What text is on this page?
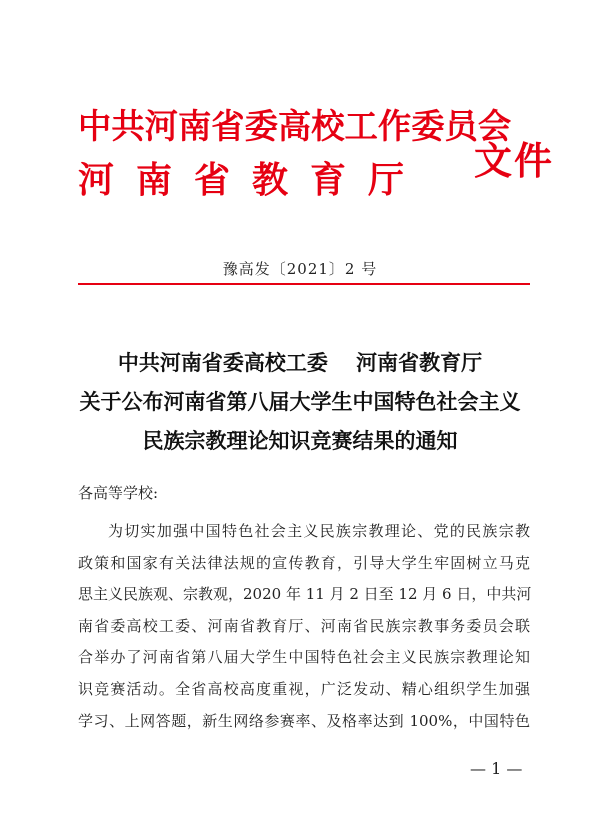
中共河南省委高校工作委员会
河南省教育厅 文件
豫高发〔2021〕2 号
中共河南省委高校工委　 河南省教育厅
关于公布河南省第八届大学生中国特色社会主义
民族宗教理论知识竞赛结果的通知
各高等学校:
为切实加强中国特色社会主义民族宗教理论、党的民族宗教
政策和国家有关法律法规的宣传教育，引导大学生牢固树立马克
思主义民族观、宗教观，2020 年 11 月 2 日至 12 月 6 日，中共河
南省委高校工委、河南省教育厅、河南省民族宗教事务委员会联
合举办了河南省第八届大学生中国特色社会主义民族宗教理论知
识竞赛活动。全省高校高度重视，广泛发动、精心组织学生加强
学习、上网答题，新生网络参赛率、及格率达到 100%，中国特色
— 1 —
